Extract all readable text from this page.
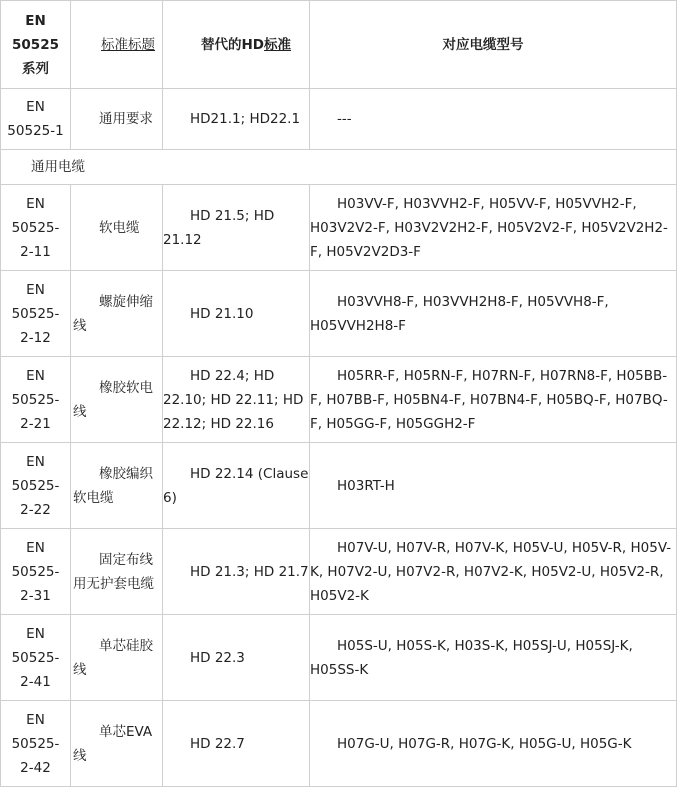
EN 50525 系列	标准标题	替代的HD标准	对应电缆型号
EN 50525-1	通用要求	HD21.1; HD22.1	---
通用电缆			
EN 50525-2-11	软电缆	HD 21.5; HD 21.12	H03VV-F, H03VVH2-F, H05VV-F, H05VVH2-F, H03V2V2-F, H03V2V2H2-F, H05V2V2-F, H05V2V2H2-F, H05V2V2D3-F
EN 50525-2-12	螺旋伸缩线	HD 21.10	H03VVH8-F, H03VVH2H8-F, H05VVH8-F, H05VVH2H8-F
EN 50525-2-21	橡胶软电线	HD 22.4; HD 22.10; HD 22.11; HD 22.12; HD 22.16	H05RR-F, H05RN-F, H07RN-F, H07RN8-F, H05BB-F, H07BB-F, H05BN4-F, H07BN4-F, H05BQ-F, H07BQ-F, H05GG-F, H05GGH2-F
EN 50525-2-22	橡胶编织软电缆	HD 22.14 (Clause 6)	H03RT-H
EN 50525-2-31	固定布线用无护套电缆	HD 21.3; HD 21.7	H07V-U, H07V-R, H07V-K, H05V-U, H05V-R, H05V-K, H07V2-U, H07V2-R, H07V2-K, H05V2-U, H05V2-R, H05V2-K
EN 50525-2-41	单芯硅胶线	HD 22.3	H05S-U, H05S-K, H03S-K, H05SJ-U, H05SJ-K, H05SS-K
EN 50525-2-42	单芯EVA线	HD 22.7	H07G-U, H07G-R, H07G-K, H05G-U, H05G-K
